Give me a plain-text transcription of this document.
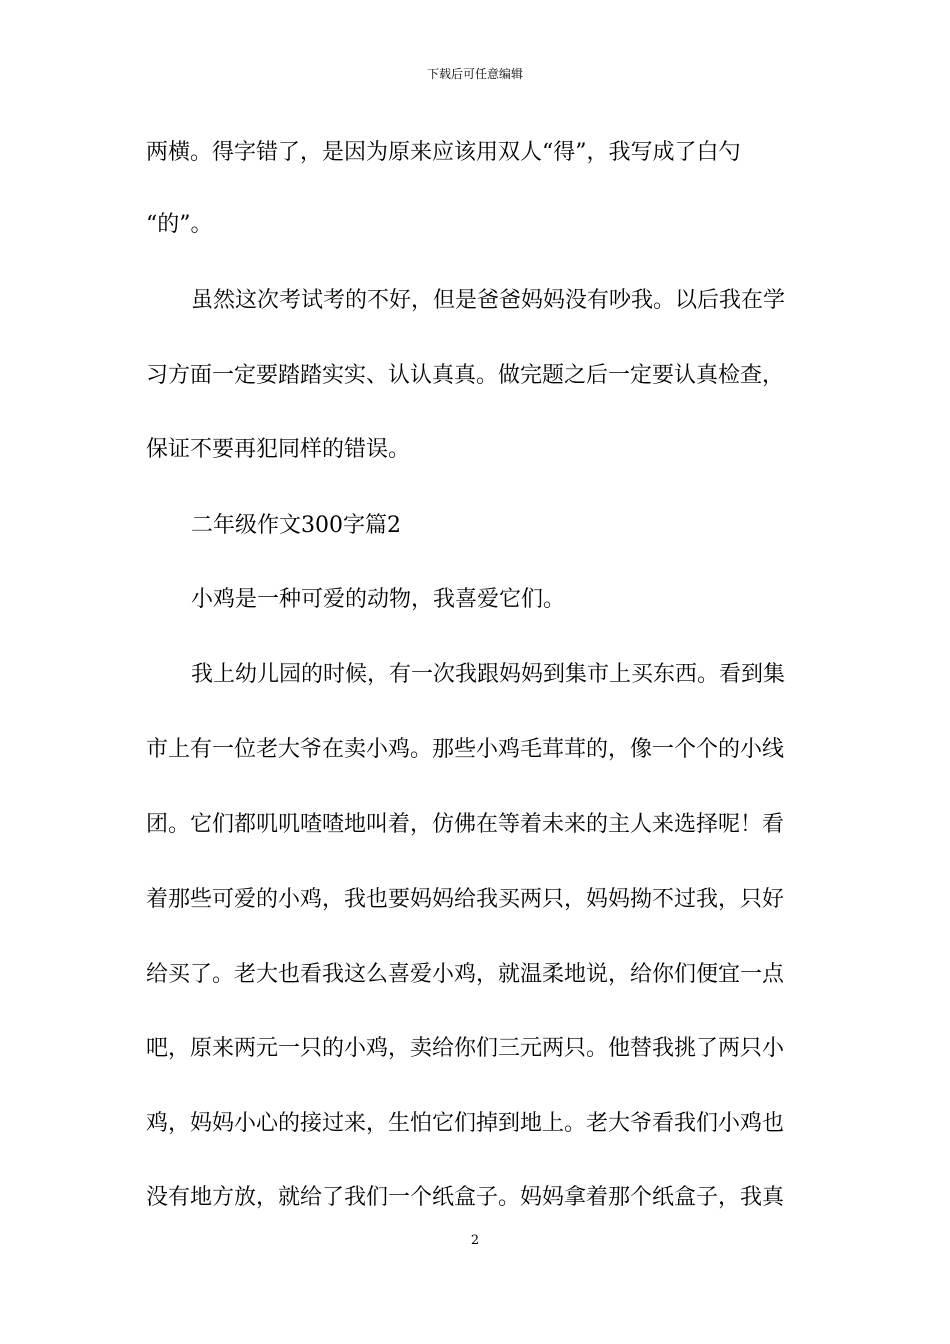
下载后可任意编辑
两横。得字错了，是因为原来应该用双人“得”，我写成了白勺
“的”。
虽然这次考试考的不好，但是爸爸妈妈没有吵我。以后我在学
习方面一定要踏踏实实、认认真真。做完题之后一定要认真检查，
保证不要再犯同样的错误。
二年级作文300字篇2
小鸡是一种可爱的动物，我喜爱它们。
我上幼儿园的时候，有一次我跟妈妈到集市上买东西。看到集
市上有一位老大爷在卖小鸡。那些小鸡毛茸茸的，像一个个的小线
团。它们都叽叽喳喳地叫着，仿佛在等着未来的主人来选择呢！看
着那些可爱的小鸡，我也要妈妈给我买两只，妈妈拗不过我，只好
给买了。老大也看我这么喜爱小鸡，就温柔地说，给你们便宜一点
吧，原来两元一只的小鸡，卖给你们三元两只。他替我挑了两只小
鸡，妈妈小心的接过来，生怕它们掉到地上。老大爷看我们小鸡也
没有地方放，就给了我们一个纸盒子。妈妈拿着那个纸盒子，我真
2
